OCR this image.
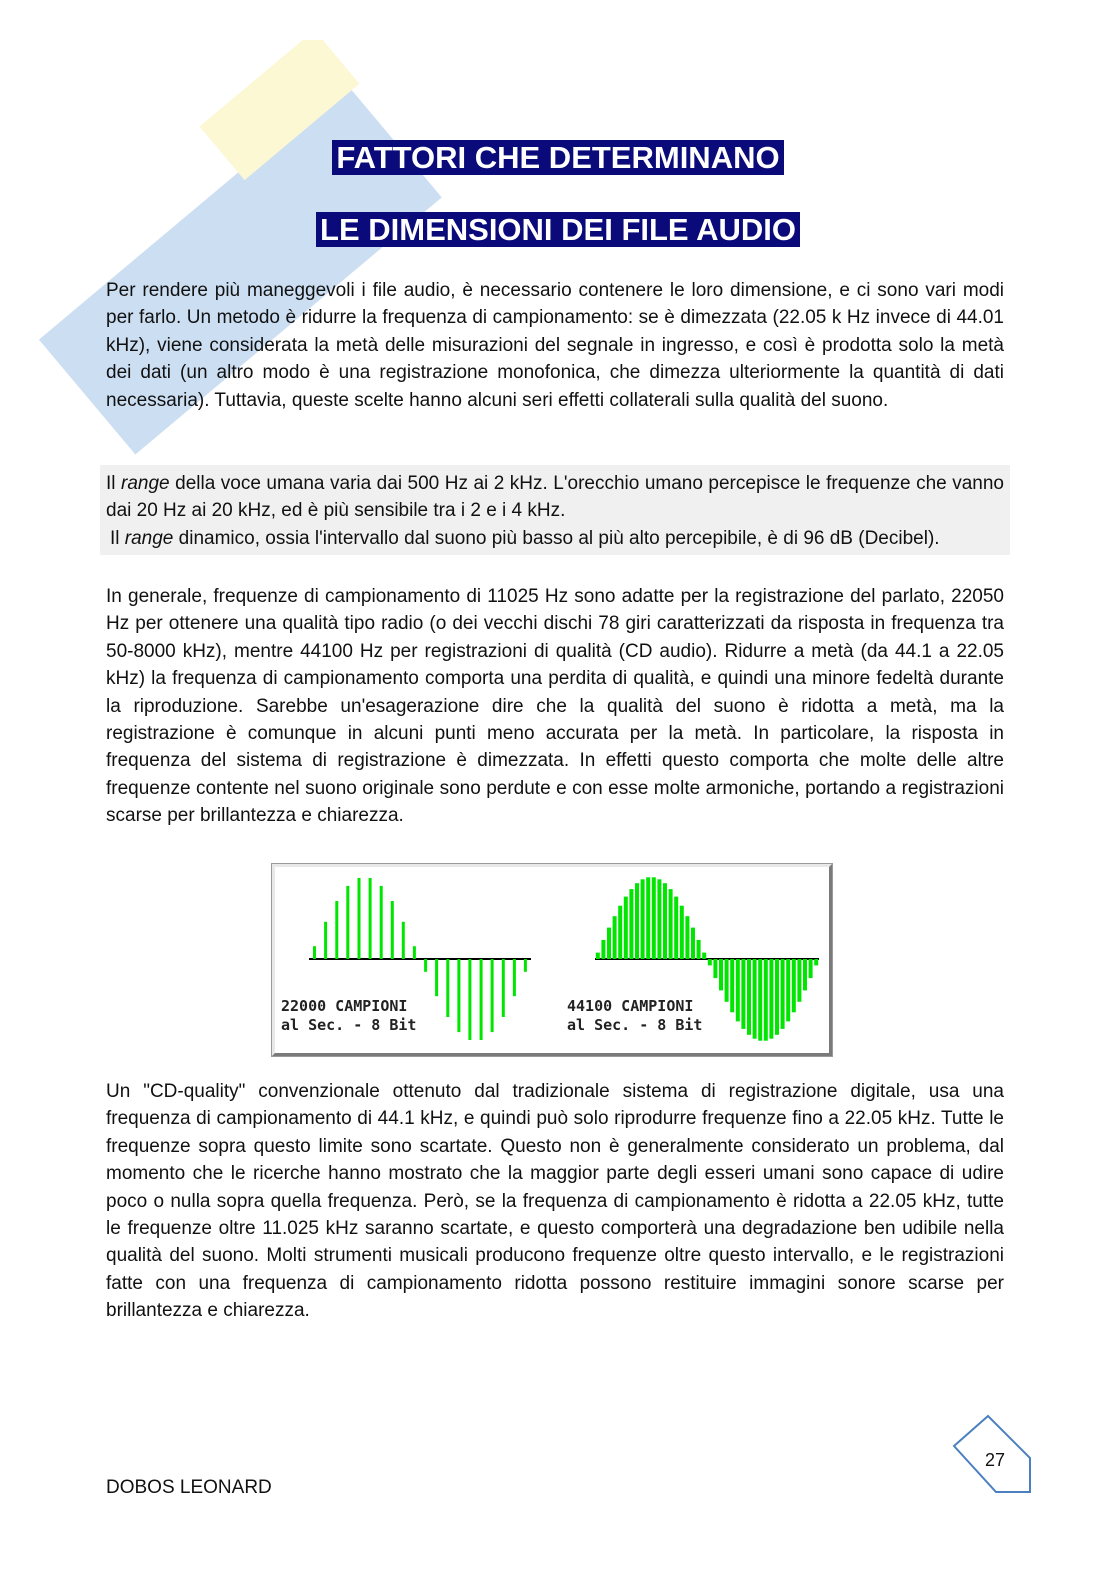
FATTORI CHE DETERMINANO
LE DIMENSIONI DEI FILE AUDIO

Per rendere più maneggevoli i file audio, è necessario contenere le loro dimensione, e ci sono vari modi per farlo. Un metodo è ridurre la frequenza di campionamento: se è dimezzata (22.05 k Hz invece di 44.01 kHz), viene considerata la metà delle misurazioni del segnale in ingresso, e così è prodotta solo la metà dei dati (un altro modo è una registrazione monofonica, che dimezza ulteriormente la quantità di dati necessaria). Tuttavia, queste scelte hanno alcuni seri effetti collaterali sulla qualità del suono.

Il range della voce umana varia dai 500 Hz ai 2 kHz. L'orecchio umano percepisce le frequenze che vanno dai 20 Hz ai 20 kHz, ed è più sensibile tra i 2 e i 4 kHz.
Il range dinamico, ossia l'intervallo dal suono più basso al più alto percepibile, è di 96 dB (Decibel).

In generale, frequenze di campionamento di 11025 Hz sono adatte per la registrazione del parlato, 22050 Hz per ottenere una qualità tipo radio (o dei vecchi dischi 78 giri caratterizzati da risposta in frequenza tra 50-8000 kHz), mentre 44100 Hz per registrazioni di qualità (CD audio). Ridurre a metà (da 44.1 a 22.05 kHz) la frequenza di campionamento comporta una perdita di qualità, e quindi una minore fedeltà durante la riproduzione. Sarebbe un'esagerazione dire che la qualità del suono è ridotta a metà, ma la registrazione è comunque in alcuni punti meno accurata per la metà. In particolare, la risposta in frequenza del sistema di registrazione è dimezzata. In effetti questo comporta che molte delle altre frequenze contente nel suono originale sono perdute e con esse molte armoniche, portando a registrazioni scarse per brillantezza e chiarezza.

22000 CAMPIONI
al Sec. - 8 Bit
44100 CAMPIONI
al Sec. - 8 Bit

Un "CD-quality" convenzionale ottenuto dal tradizionale sistema di registrazione digitale, usa una frequenza di campionamento di 44.1 kHz, e quindi può solo riprodurre frequenze fino a 22.05 kHz. Tutte le frequenze sopra questo limite sono scartate. Questo non è generalmente considerato un problema, dal momento che le ricerche hanno mostrato che la maggior parte degli esseri umani sono capace di udire poco o nulla sopra quella frequenza. Però, se la frequenza di campionamento è ridotta a 22.05 kHz, tutte le frequenze oltre 11.025 kHz saranno scartate, e questo comporterà una degradazione ben udibile nella qualità del suono. Molti strumenti musicali producono frequenze oltre questo intervallo, e le registrazioni fatte con una frequenza di campionamento ridotta possono restituire immagini sonore scarse per brillantezza e chiarezza.

DOBOS LEONARD
27
